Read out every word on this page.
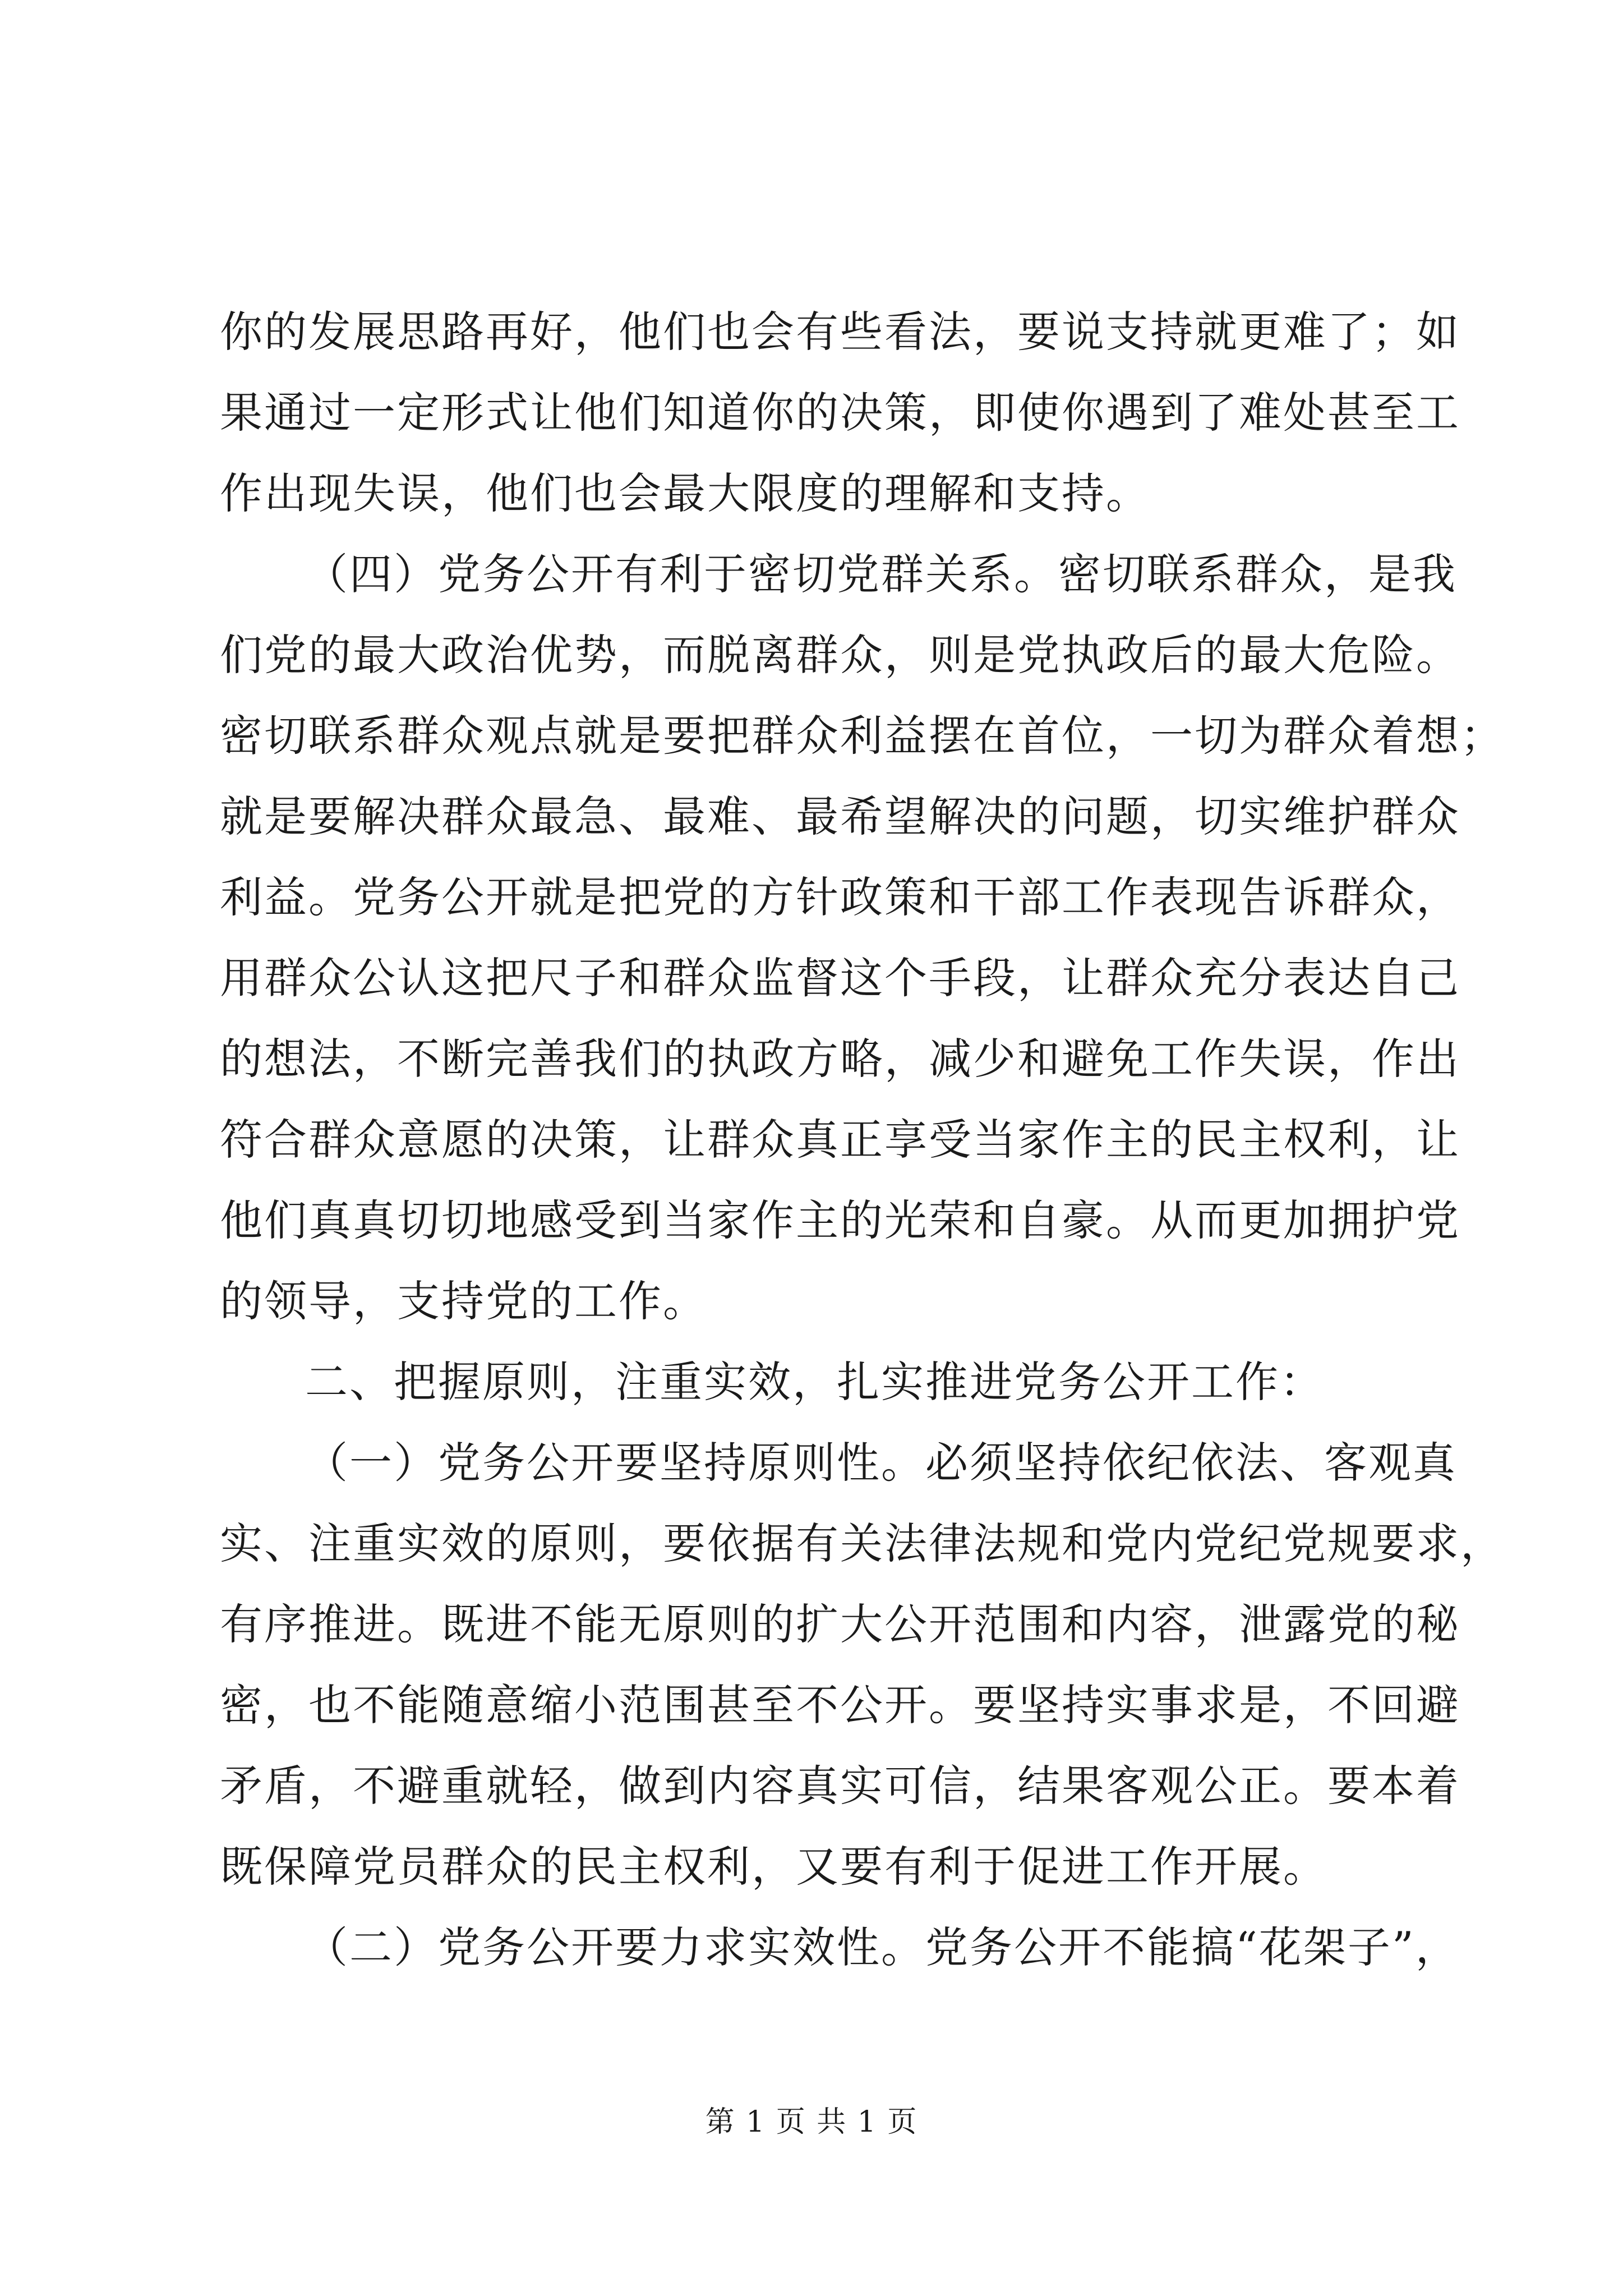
你的发展思路再好，他们也会有些看法，要说支持就更难了；如
果通过一定形式让他们知道你的决策，即使你遇到了难处甚至工
作出现失误，他们也会最大限度的理解和支持。
（四）党务公开有利于密切党群关系。密切联系群众，是我
们党的最大政治优势，而脱离群众，则是党执政后的最大危险。
密切联系群众观点就是要把群众利益摆在首位，一切为群众着想；
就是要解决群众最急、最难、最希望解决的问题，切实维护群众
利益。党务公开就是把党的方针政策和干部工作表现告诉群众，
用群众公认这把尺子和群众监督这个手段，让群众充分表达自己
的想法，不断完善我们的执政方略，减少和避免工作失误，作出
符合群众意愿的决策，让群众真正享受当家作主的民主权利，让
他们真真切切地感受到当家作主的光荣和自豪。从而更加拥护党
的领导，支持党的工作。
二、把握原则，注重实效，扎实推进党务公开工作：
（一）党务公开要坚持原则性。必须坚持依纪依法、客观真
实、注重实效的原则，要依据有关法律法规和党内党纪党规要求，
有序推进。既进不能无原则的扩大公开范围和内容，泄露党的秘
密，也不能随意缩小范围甚至不公开。要坚持实事求是，不回避
矛盾，不避重就轻，做到内容真实可信，结果客观公正。要本着
既保障党员群众的民主权利，又要有利于促进工作开展。
（二）党务公开要力求实效性。党务公开不能搞“花架子”，
第 1 页 共 1 页
